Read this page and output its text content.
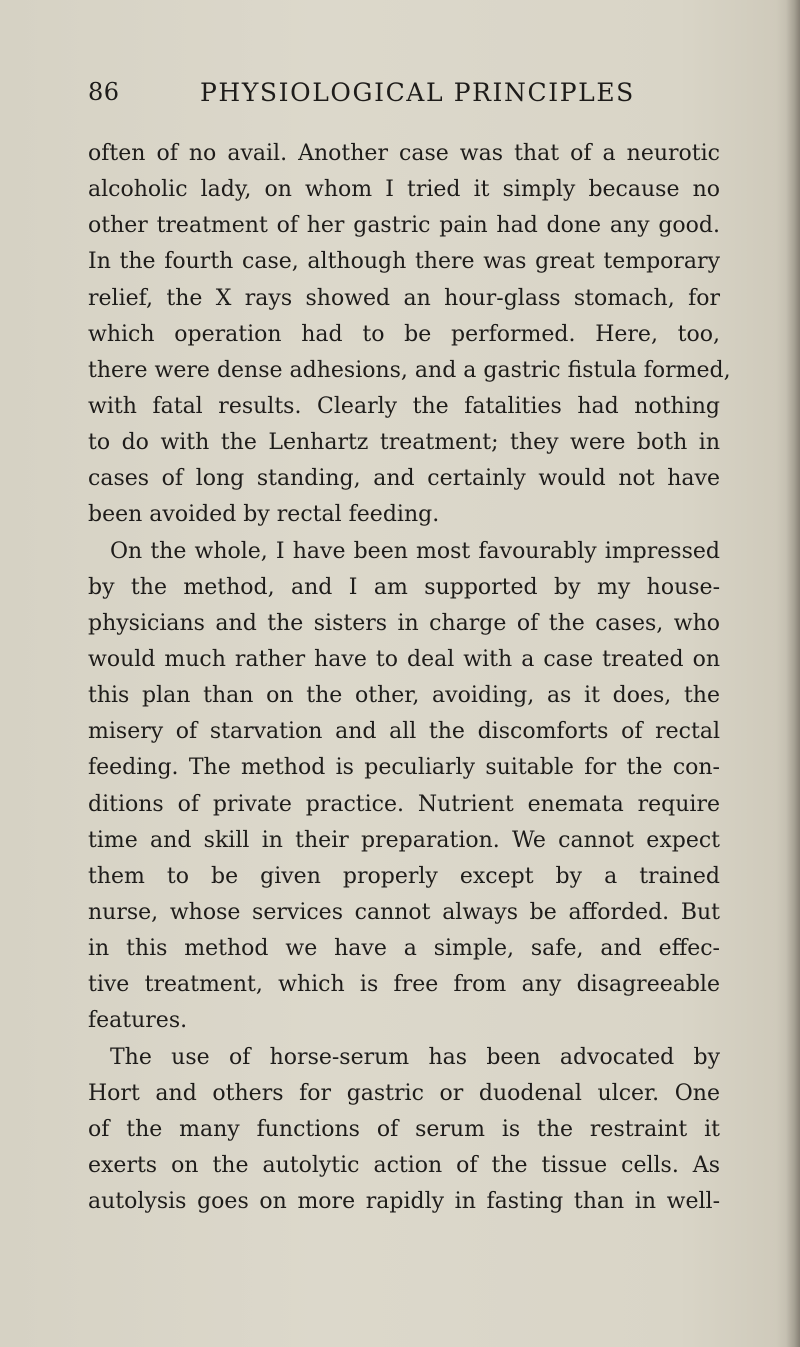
86	PHYSIOLOGICAL PRINCIPLES
often of no avail. Another case was that of a neurotic
alcoholic lady, on whom I tried it simply because no
other treatment of her gastric pain had done any good.
In the fourth case, although there was great temporary
relief, the X rays showed an hour-glass stomach, for
which operation had to be performed. Here, too,
there were dense adhesions, and a gastric fistula formed,
with fatal results. Clearly the fatalities had nothing
to do with the Lenhartz treatment; they were both in
cases of long standing, and certainly would not have
been avoided by rectal feeding.
On the whole, I have been most favourably impressed
by the method, and I am supported by my house-
physicians and the sisters in charge of the cases, who
would much rather have to deal with a case treated on
this plan than on the other, avoiding, as it does, the
misery of starvation and all the discomforts of rectal
feeding. The method is peculiarly suitable for the con-
ditions of private practice. Nutrient enemata require
time and skill in their preparation. We cannot expect
them to be given properly except by a trained
nurse, whose services cannot always be afforded. But
in this method we have a simple, safe, and effec-
tive treatment, which is free from any disagreeable
features.
The use of horse-serum has been advocated by
Hort and others for gastric or duodenal ulcer. One
of the many functions of serum is the restraint it
exerts on the autolytic action of the tissue cells. As
autolysis goes on more rapidly in fasting than in well-
